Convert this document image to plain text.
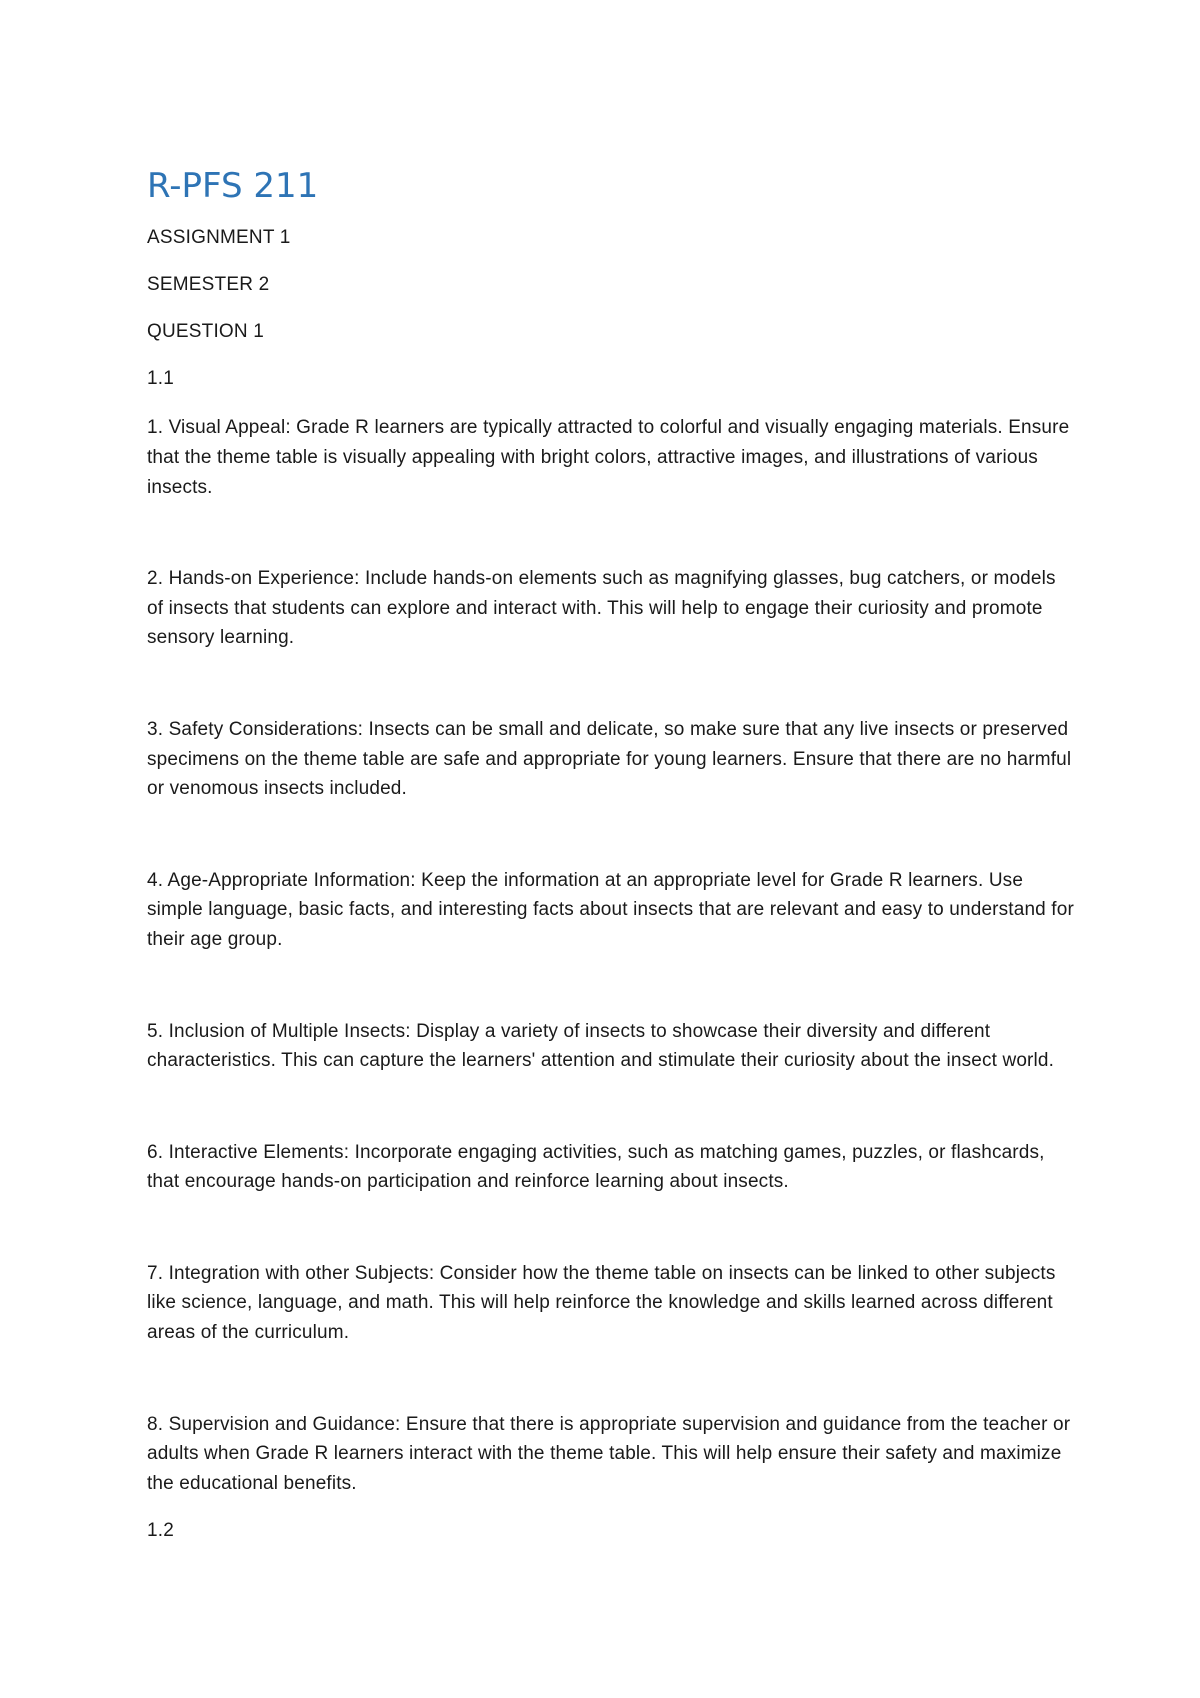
R-PFS 211

ASSIGNMENT 1

SEMESTER 2

QUESTION 1

1.1

1. Visual Appeal: Grade R learners are typically attracted to colorful and visually engaging materials. Ensure that the theme table is visually appealing with bright colors, attractive images, and illustrations of various insects.

2. Hands-on Experience: Include hands-on elements such as magnifying glasses, bug catchers, or models of insects that students can explore and interact with. This will help to engage their curiosity and promote sensory learning.

3. Safety Considerations: Insects can be small and delicate, so make sure that any live insects or preserved specimens on the theme table are safe and appropriate for young learners. Ensure that there are no harmful or venomous insects included.

4. Age-Appropriate Information: Keep the information at an appropriate level for Grade R learners. Use simple language, basic facts, and interesting facts about insects that are relevant and easy to understand for their age group.

5. Inclusion of Multiple Insects: Display a variety of insects to showcase their diversity and different characteristics. This can capture the learners' attention and stimulate their curiosity about the insect world.

6. Interactive Elements: Incorporate engaging activities, such as matching games, puzzles, or flashcards, that encourage hands-on participation and reinforce learning about insects.

7. Integration with other Subjects: Consider how the theme table on insects can be linked to other subjects like science, language, and math. This will help reinforce the knowledge and skills learned across different areas of the curriculum.

8. Supervision and Guidance: Ensure that there is appropriate supervision and guidance from the teacher or adults when Grade R learners interact with the theme table. This will help ensure their safety and maximize the educational benefits.

1.2
